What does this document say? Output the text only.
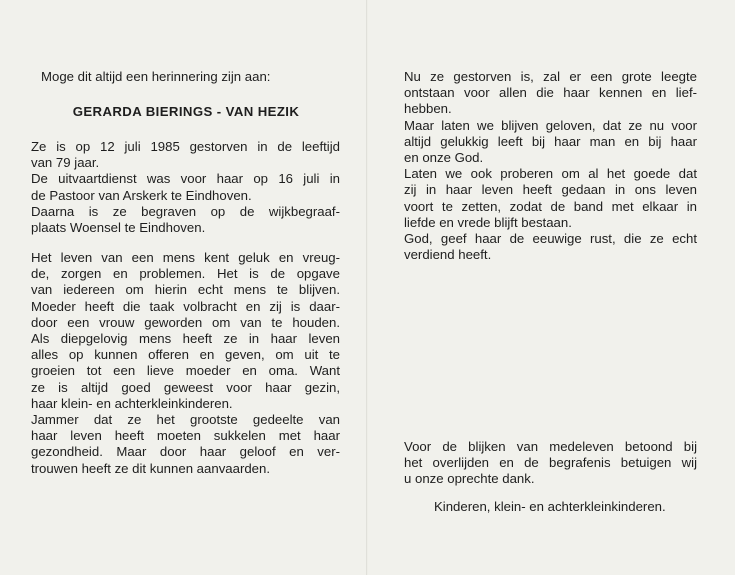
Moge dit altijd een herinnering zijn aan:
GERARDA BIERINGS - VAN HEZIK
Ze is op 12 juli 1985 gestorven in de leeftijd
van 79 jaar.
De uitvaartdienst was voor haar op 16 juli in
de Pastoor van Arskerk te Eindhoven.
Daarna is ze begraven op de wijkbegraaf-
plaats Woensel te Eindhoven.
Het leven van een mens kent geluk en vreug-
de, zorgen en problemen. Het is de opgave
van iedereen om hierin echt mens te blijven.
Moeder heeft die taak volbracht en zij is daar-
door een vrouw geworden om van te houden.
Als diepgelovig mens heeft ze in haar leven
alles op kunnen offeren en geven, om uit te
groeien tot een lieve moeder en oma. Want
ze is altijd goed geweest voor haar gezin,
haar klein- en achterkleinkinderen.
Jammer dat ze het grootste gedeelte van
haar leven heeft moeten sukkelen met haar
gezondheid. Maar door haar geloof en ver-
trouwen heeft ze dit kunnen aanvaarden.
Nu ze gestorven is, zal er een grote leegte
ontstaan voor allen die haar kennen en lief-
hebben.
Maar laten we blijven geloven, dat ze nu voor
altijd gelukkig leeft bij haar man en bij haar
en onze God.
Laten we ook proberen om al het goede dat
zij in haar leven heeft gedaan in ons leven
voort te zetten, zodat de band met elkaar in
liefde en vrede blijft bestaan.
God, geef haar de eeuwige rust, die ze echt
verdiend heeft.
Voor de blijken van medeleven betoond bij
het overlijden en de begrafenis betuigen wij
u onze oprechte dank.
Kinderen, klein- en achterkleinkinderen.
